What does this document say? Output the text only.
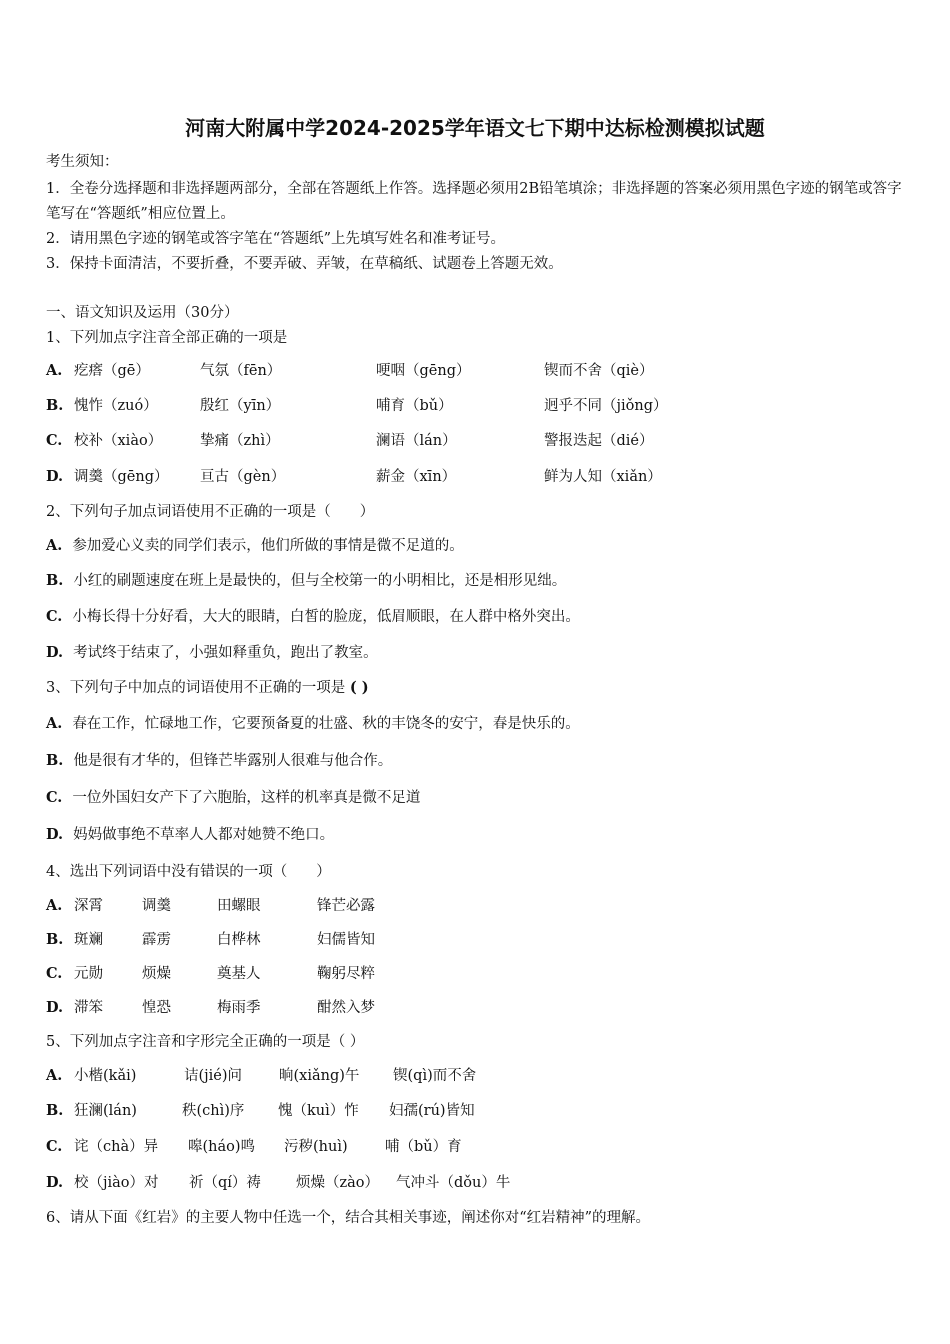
河南大附属中学2024-2025学年语文七下期中达标检测模拟试题
考生须知：
1．全卷分选择题和非选择题两部分，全部在答题纸上作答。选择题必须用2B铅笔填涂；非选择题的答案必须用黑色字迹的钢笔或答字笔写在“答题纸”相应位置上。
2．请用黑色字迹的钢笔或答字笔在“答题纸”上先填写姓名和准考证号。
3．保持卡面清洁，不要折叠，不要弄破、弄皱，在草稿纸、试题卷上答题无效。
一、语文知识及运用（30分）
1、下列加点字注音全部正确的一项是
A. 疙瘩（gē）	气氛（fēn）	哽咽（gēng）	锲而不舍（qiè）
B. 愧怍（zuó）	殷红（yīn）	哺育（bǔ）	迥乎不同（jiǒng）
C. 校补（xiào）	挚痛（zhì）	澜语（lán）	警报迭起（dié）
D. 调羹（gēng） 亘古（gèn）	薪金（xīn）	鲜为人知（xiǎn）
2、下列句子加点词语使用不正确的一项是（　　）
A. 参加爱心义卖的同学们表示，他们所做的事情是微不足道的。
B. 小红的刷题速度在班上是最快的，但与全校第一的小明相比，还是相形见绌。
C. 小梅长得十分好看，大大的眼睛，白皙的脸庞，低眉顺眼，在人群中格外突出。
D. 考试终于结束了，小强如释重负，跑出了教室。
3、下列句子中加点的词语使用不正确的一项是 ( )
A. 春在工作，忙碌地工作，它要预备夏的壮盛、秋的丰饶冬的安宁，春是快乐的。
B. 他是很有才华的，但锋芒毕露别人很难与他合作。
C. 一位外国妇女产下了六胞胎，这样的机率真是微不足道
D. 妈妈做事绝不草率人人都对她赞不绝口。
4、选出下列词语中没有错误的一项（　　）
A. 深霄	调羹	田螺眼	锋芒必露
B. 斑斓	霹雳	白桦林	妇儒皆知
C. 元勋	烦燥	奠基人	鞠躬尽粹
D. 滞笨	惶恐	梅雨季	酣然入梦
5、下列加点字注音和字形完全正确的一项是（ ）
A. 小楷(kǎi)	诘(jié)问	晌(xiǎng)午 锲(qì)而不舍
B. 狂澜(lán)	秩(chì)序 愧（kuì）怍 妇孺(rú)皆知
C. 诧（chà）异 嗥(háo)鸣 污秽(huì)	哺（bǔ）育
D. 校（jiào）对 祈（qí）祷 烦燥（zào） 气冲斗（dǒu）牛
6、请从下面《红岩》的主要人物中任选一个，结合其相关事迹，阐述你对“红岩精神”的理解。
